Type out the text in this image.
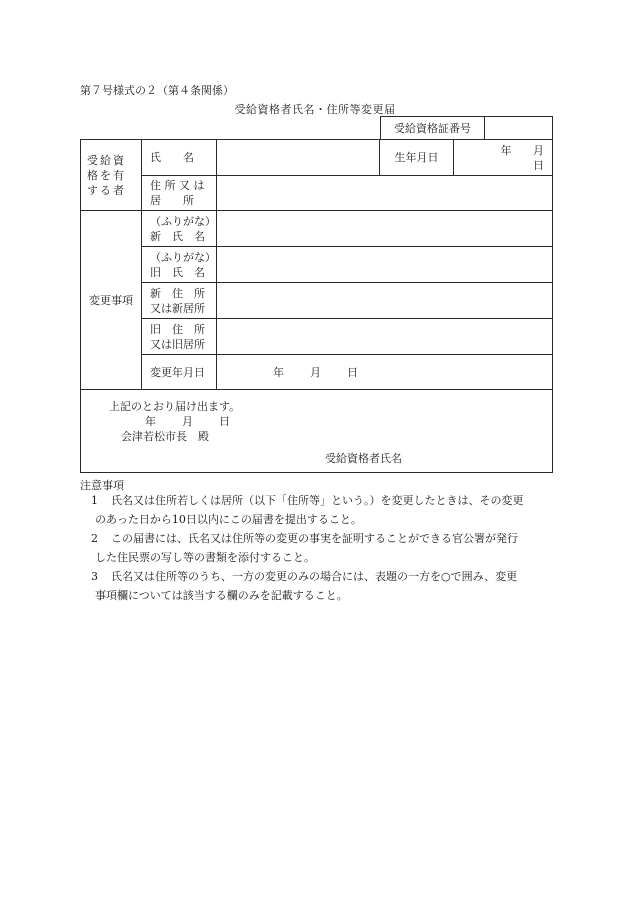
第７号様式の２（第４条関係）
受給資格者氏名・住所等変更届
受給資格証番号	
受給資格を有する者	氏　　名		生年月日	年 月 日

	住 所 又 は
居　　所			

変更事項	（ふりがな）
新　氏　名			

	（ふりがな）
旧　氏　名			

	新　住　所
又は新居所			

	旧　住　所
又は旧居所			

	変更年月日	年 月 日		

上記のとおり届け出ます。
年 月 日
会津若松市長　殿
受給資格者氏名				
注意事項
1 氏名又は住所若しくは居所（以下「住所等」という。）を変更したときは、その変更
のあった日から10日以内にこの届書を提出すること。
2 この届書には、氏名又は住所等の変更の事実を証明することができる官公署が発行
した住民票の写し等の書類を添付すること。
3 氏名又は住所等のうち、一方の変更のみの場合には、表題の一方を○で囲み、変更
事項欄については該当する欄のみを記載すること。
